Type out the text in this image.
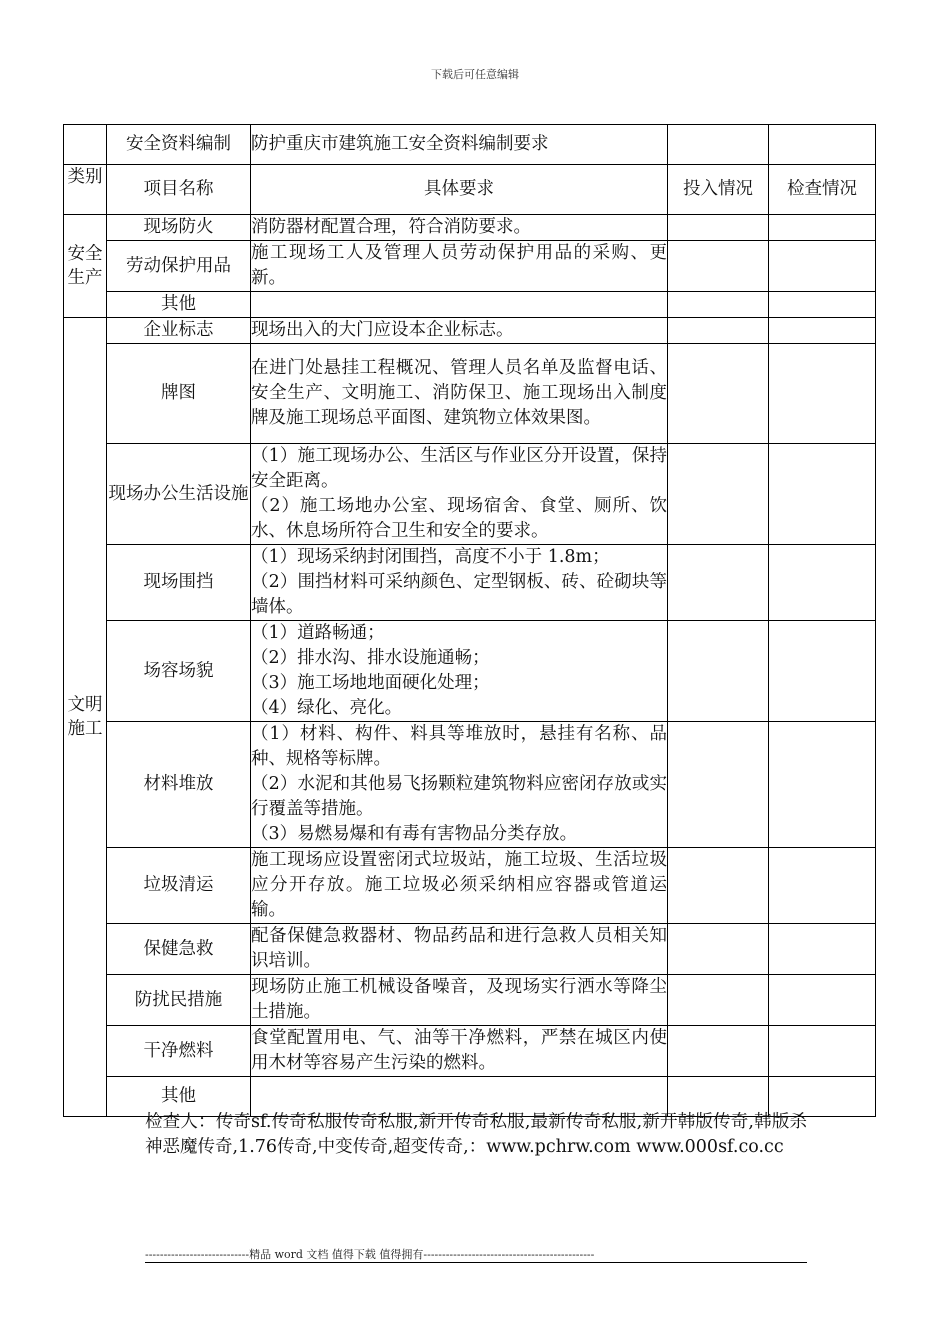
下载后可任意编辑
	安全资料编制	防护重庆市建筑施工安全资料编制要求		
类别	项目名称	具体要求	投入情况	检查情况
安全生产	现场防火	消防器材配置合理，符合消防要求。		

	劳动保护用品	施工现场工人及管理人员劳动保护用品的采购、更新。		

	其他	

文明施工	企业标志	现场出入的大门应设本企业标志。		

	牌图	在进门处悬挂工程概况、管理人员名单及监督电话、安全生产、文明施工、消防保卫、施工现场出入制度牌及施工现场总平面图、建筑物立体效果图。		

	现场办公生活设施	（1）施工现场办公、生活区与作业区分开设置，保持安全距离。
（2）施工场地办公室、现场宿舍、食堂、厕所、饮水、休息场所符合卫生和安全的要求。		

	现场围挡	（1）现场采纳封闭围挡，高度不小于 1.8m；
（2）围挡材料可采纳颜色、定型钢板、砖、砼砌块等墙体。		

	场容场貌	（1）道路畅通；
（2）排水沟、排水设施通畅；
（3）施工场地地面硬化处理；
（4）绿化、亮化。		

	材料堆放	（1）材料、构件、料具等堆放时，悬挂有名称、品种、规格等标牌。
（2）水泥和其他易飞扬颗粒建筑物料应密闭存放或实行覆盖等措施。
（3）易燃易爆和有毒有害物品分类存放。		

	垃圾清运	施工现场应设置密闭式垃圾站，施工垃圾、生活垃圾应分开存放。施工垃圾必须采纳相应容器或管道运输。		

	保健急救	配备保健急救器材、物品药品和进行急救人员相关知识培训。		

	防扰民措施	现场防止施工机械设备噪音，及现场实行洒水等降尘土措施。		

	干净燃料	食堂配置用电、气、油等干净燃料，严禁在城区内使用木材等容易产生污染的燃料。		

	其他	

检查人：传奇sf.传奇私服传奇私服,新开传奇私服,最新传奇私服,新开韩版传奇,韩版杀神恶魔传奇,1.76传奇,中变传奇,超变传奇,：www.pchrw.com www.000sf.co.cc
----------------------------精品 word 文档 值得下载 值得拥有----------------------------------------------
